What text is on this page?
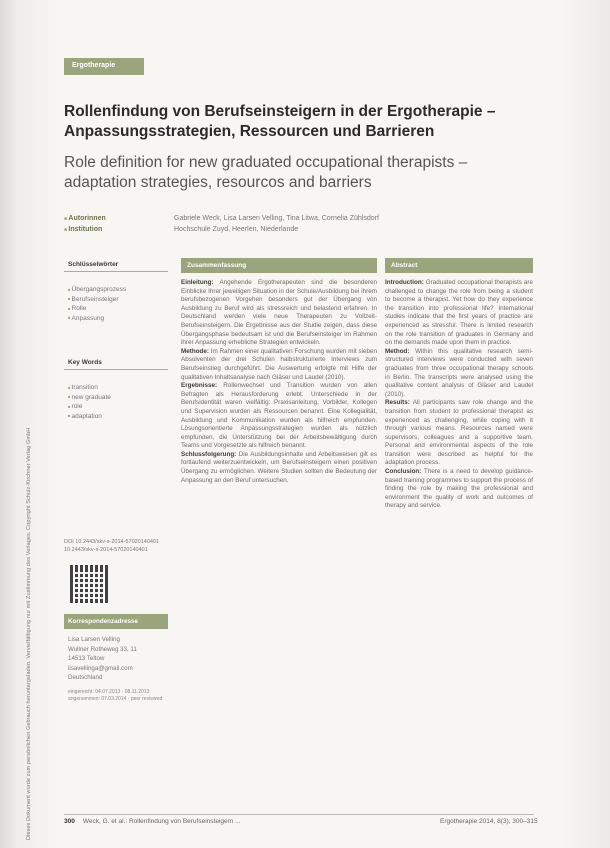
Dieses Dokument wurde zum persönlichen Gebrauch heruntergeladen. Vervielfältigung nur mit Zustimmung des Verlages. Copyright Schulz-Kirchner Verlag GmbH
Ergotherapie
Rollenfindung von Berufseinsteigern in der Ergotherapie – Anpassungsstrategien, Ressourcen und Barrieren
Role definition for new graduated occupational therapists – adaptation strategies, resourcos and barriers
■ Autorinnen	Gabriele Weck, Lisa Larsen Velling, Tina Litwa, Cornelia Zühlsdorf
■ Institution	Hochschule Zuyd, Heerlen, Niederlande
Schlüsselwörter
■ Übergangsprozess
■ Berufseinsteiger
■ Rolle
■ Anpassung
Key Words
■ transition
■ new graduate
■ role
■ adaptation
DOI 10.2443/skv-s-2014-57020140401 10.2443/skv-s-2014-57020140401
Korrespondenzadresse
Lisa Larsen Velling
Wullner Rotheweg 33, 11
14513 Teltow
lisavellinga@gmail.com
Deutschland
eingereicht: 04.07.2013 · 08.11.2013 angenommen: 07.03.2014 · peer reviewed
Zusammenfassung

Einleitung: Angehende Ergotherapeuten sind die besonderen Einblicke Ihrer jeweiligen Situation in der Schule/Ausbildung bei ihrem berufsbezogenen Vorgehen besonders gut der Übergang von Ausbildung zu Beruf wird als stressreich und belastend erfahren. In Deutschland werden viele neue Therapeuten zu Vollzeit-Berufseinsteigern. Die Ergebnisse aus der Studie zeigen, dass diese Übergangsphase bedeutsam ist und die Berufseinsteiger im Rahmen ihrer Anpassung erhebliche Strategien entwickeln.

Methode: Im Rahmen einer qualitativen Forschung wurden mit sieben Absolventen der drei Schulen halbstrukturierte Interviews zum Berufseinstieg durchgeführt. Die Auswertung erfolgte mit Hilfe der qualitativen Inhaltsanalyse nach Gläser und Laudel (2010).

Ergebnisse: Rollenwechsel und Transition wurden von allen Befragten als Herausforderung erlebt. Unterschiede in der Berufsidentität waren vielfältig: Praxisanleitung, Vorbilder, Kollegen und Supervision wurden als Ressourcen benannt. Eine Kollegialität, Ausbildung und Kommunikation wurden als hilfreich empfunden. Lösungsorientierte Anpassungsstrategien wurden als nützlich empfunden, die Unterstützung bei der Arbeitsbewältigung durch Teams und Vorgesetzte als hilfreich benannt.

Schlussfolgerung: Die Ausbildungsinhalte und Arbeitsweisen gilt es fortlaufend weiterzuentwickeln, um Berufseinsteigern einen positiven Übergang zu ermöglichen. Weitere Studien sollten die Bedeutung der Anpassung an den Beruf untersuchen.

Abstract

Introduction: Graduated occupational therapists are challenged to change the role from being a student to become a therapist. Yet how do they experience the transition into professional life? International studies indicate that the first years of practice are experienced as stressful. There is limited research on the role transition of graduates in Germany and on the demands made upon them in practice.

Method: Within this qualitative research semi-structured interviews were conducted with seven graduates from three occupational therapy schools in Berlin. The transcripts were analysed using the qualitative content analysis of Gläser and Laudel (2010).

Results: All participants saw role change and the transition from student to professional therapist as experienced as challenging, while coping with it through various means. Resources named were supervisors, colleagues and a supportive team. Personal and environmental aspects of the role transition were described as helpful for the adaptation process.

Conclusion: There is a need to develop guidance-based training programmes to support the process of finding the role by making the professional and environment the quality of work and outcomes of therapy and service.

300 Weck, G. et al.: Rollenfindung von Berufseinsteigern ...	Ergotherapie 2014, 8(3), 300–315
